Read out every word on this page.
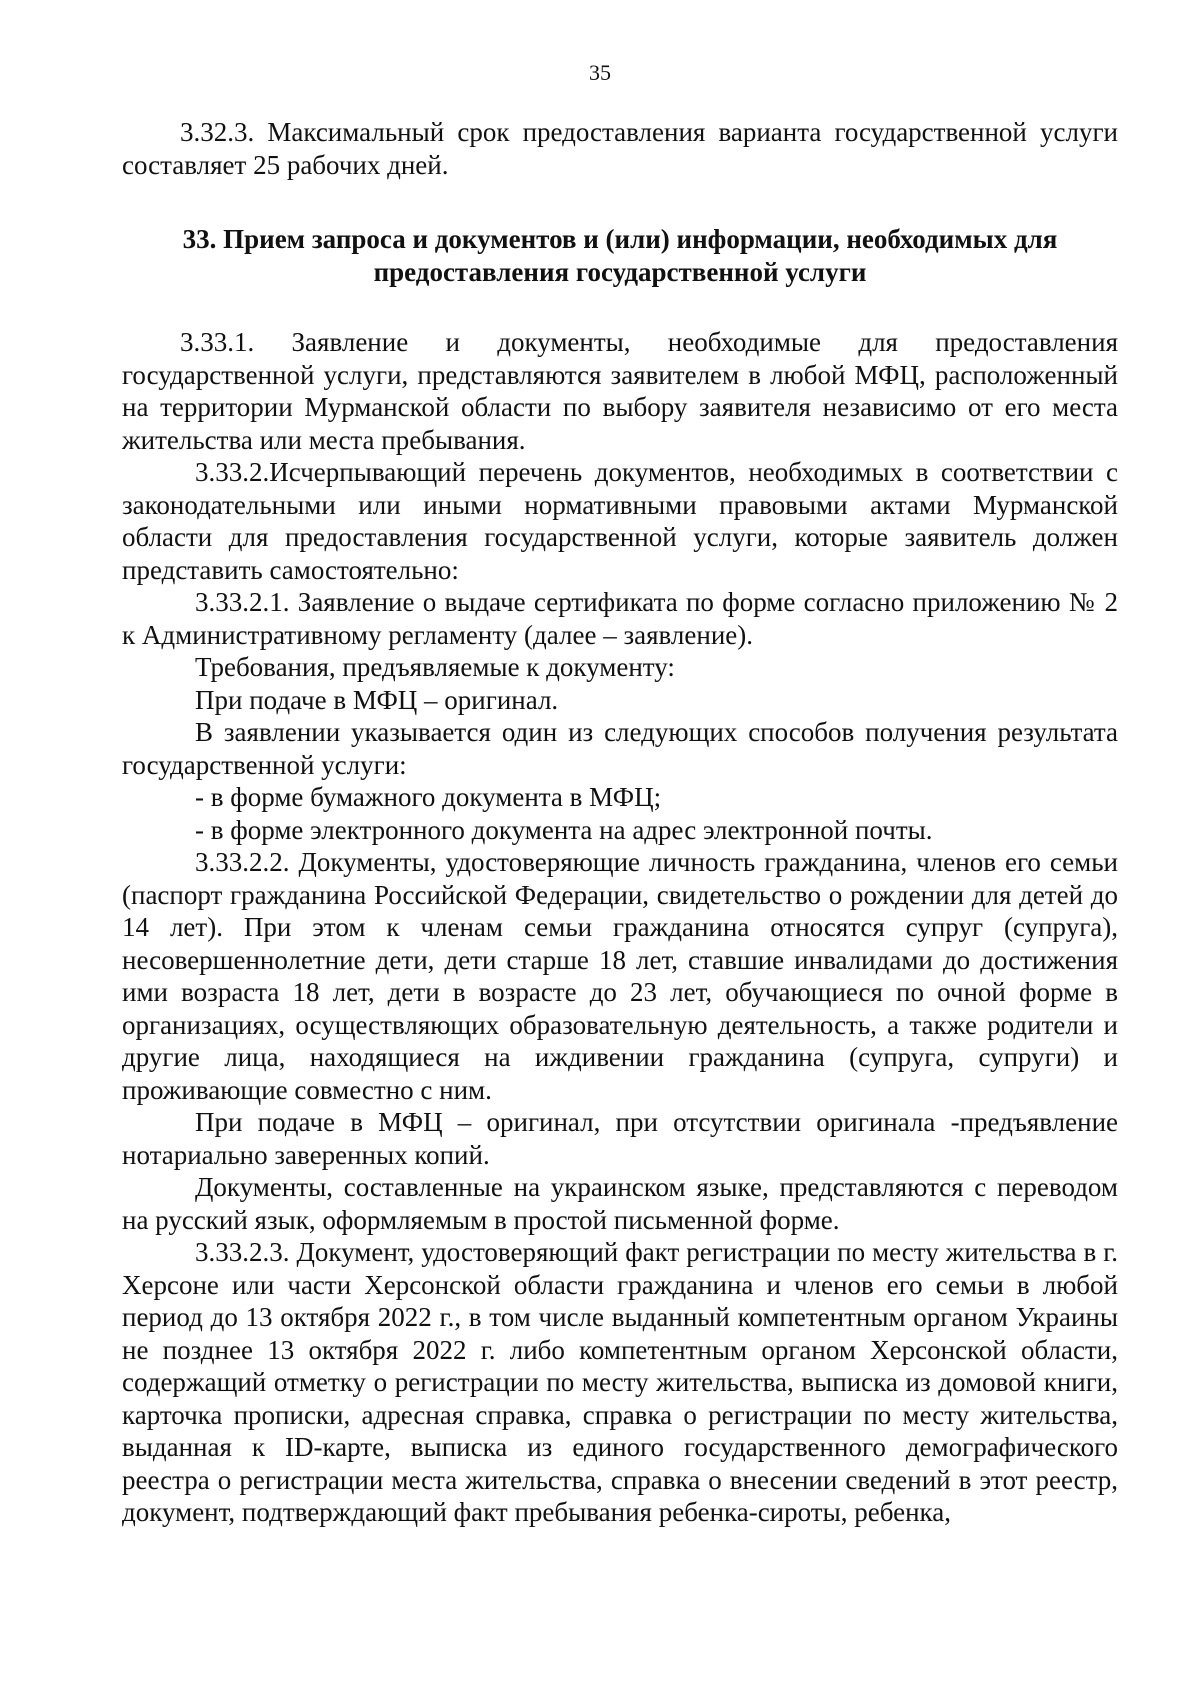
35

3.32.3. Максимальный срок предоставления варианта государственной услуги составляет 25 рабочих дней.

33. Прием запроса и документов и (или) информации, необходимых для предоставления государственной услуги

3.33.1. Заявление и документы, необходимые для предоставления государственной услуги, представляются заявителем в любой МФЦ, расположенный на территории Мурманской области по выбору заявителя независимо от его места жительства или места пребывания.

3.33.2.Исчерпывающий перечень документов, необходимых в соответствии с законодательными или иными нормативными правовыми актами Мурманской области для предоставления государственной услуги, которые заявитель должен представить самостоятельно:

3.33.2.1. Заявление о выдаче сертификата по форме согласно приложению № 2 к Административному регламенту (далее – заявление).

Требования, предъявляемые к документу:

При подаче в МФЦ – оригинал.

В заявлении указывается один из следующих способов получения результата государственной услуги:

- в форме бумажного документа в МФЦ;

- в форме электронного документа на адрес электронной почты.

3.33.2.2. Документы, удостоверяющие личность гражданина, членов его семьи (паспорт гражданина Российской Федерации, свидетельство о рождении для детей до 14 лет). При этом к членам семьи гражданина относятся супруг (супруга), несовершеннолетние дети, дети старше 18 лет, ставшие инвалидами до достижения ими возраста 18 лет, дети в возрасте до 23 лет, обучающиеся по очной форме в организациях, осуществляющих образовательную деятельность, а также родители и другие лица, находящиеся на иждивении гражданина (супруга, супруги) и проживающие совместно с ним.

При подаче в МФЦ – оригинал, при отсутствии оригинала -предъявление нотариально заверенных копий.

Документы, составленные на украинском языке, представляются с переводом на русский язык, оформляемым в простой письменной форме.

3.33.2.3. Документ, удостоверяющий факт регистрации по месту жительства в г. Херсоне или части Херсонской области гражданина и членов его семьи в любой период до 13 октября 2022 г., в том числе выданный компетентным органом Украины не позднее 13 октября 2022 г. либо компетентным органом Херсонской области, содержащий отметку о регистрации по месту жительства, выписка из домовой книги, карточка прописки, адресная справка, справка о регистрации по месту жительства, выданная к ID-карте, выписка из единого государственного демографического реестра о регистрации места жительства, справка о внесении сведений в этот реестр, документ, подтверждающий факт пребывания ребенка-сироты, ребенка,
